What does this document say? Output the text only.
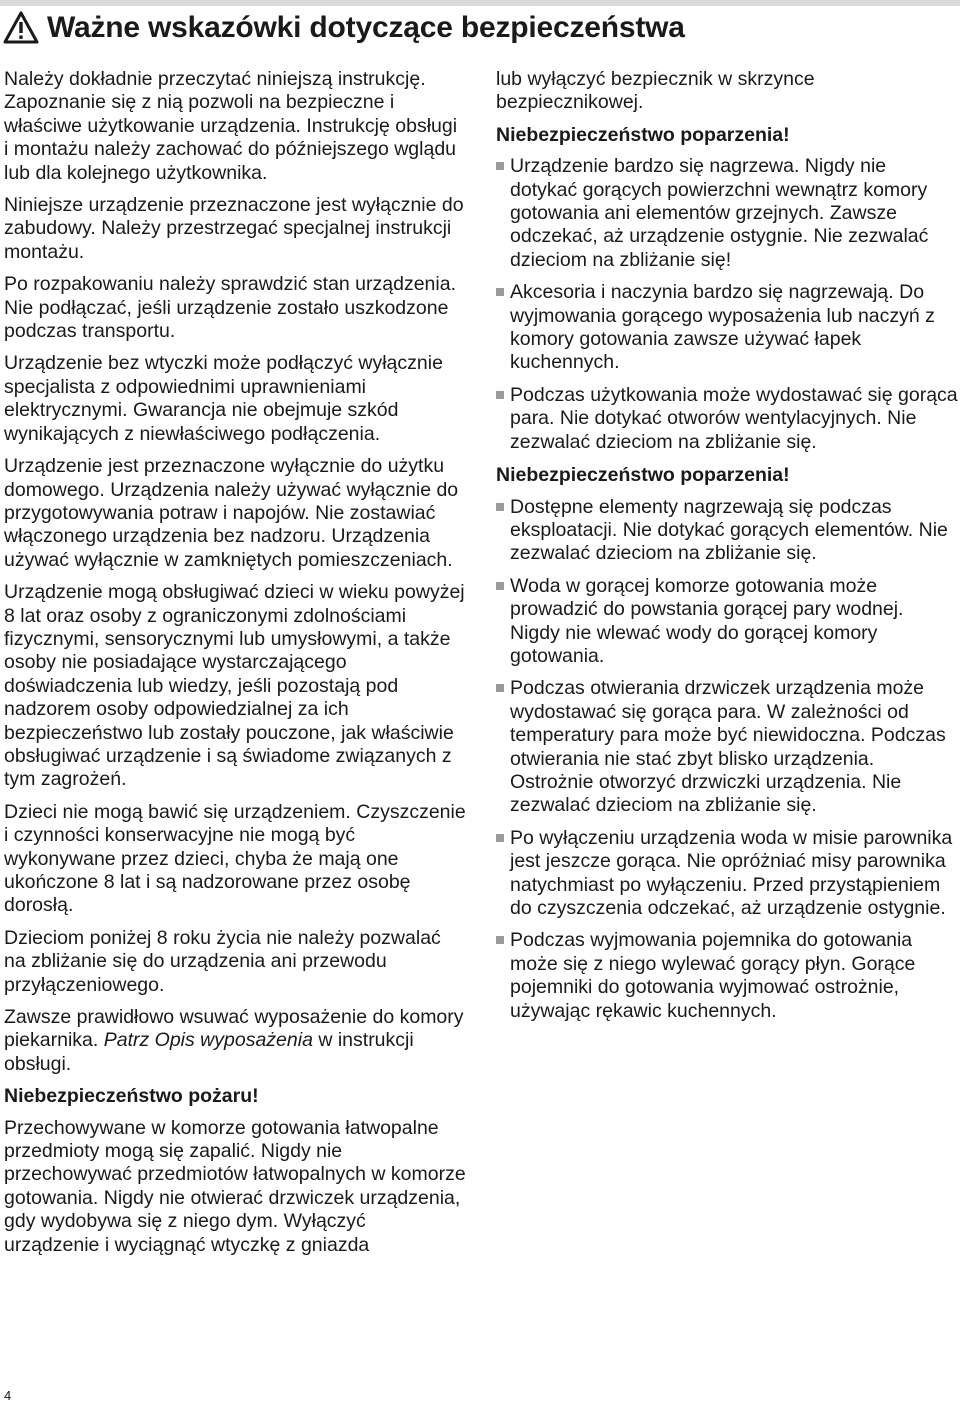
Ważne wskazówki dotyczące bezpieczeństwa

Należy dokładnie przeczytać niniejszą instrukcję. Zapoznanie się z nią pozwoli na bezpieczne i właściwe użytkowanie urządzenia. Instrukcję obsługi i montażu należy zachować do późniejszego wglądu lub dla kolejnego użytkownika.

Niniejsze urządzenie przeznaczone jest wyłącznie do zabudowy. Należy przestrzegać specjalnej instrukcji montażu.

Po rozpakowaniu należy sprawdzić stan urządzenia. Nie podłączać, jeśli urządzenie zostało uszkodzone podczas transportu.

Urządzenie bez wtyczki może podłączyć wyłącznie specjalista z odpowiednimi uprawnieniami elektrycznymi. Gwarancja nie obejmuje szkód wynikających z niewłaściwego podłączenia.

Urządzenie jest przeznaczone wyłącznie do użytku domowego. Urządzenia należy używać wyłącznie do przygotowywania potraw i napojów. Nie zostawiać włączonego urządzenia bez nadzoru. Urządzenia używać wyłącznie w zamkniętych pomieszczeniach.

Urządzenie mogą obsługiwać dzieci w wieku powyżej 8 lat oraz osoby z ograniczonymi zdolnościami fizycznymi, sensorycznymi lub umysłowymi, a także osoby nie posiadające wystarczającego doświadczenia lub wiedzy, jeśli pozostają pod nadzorem osoby odpowiedzialnej za ich bezpieczeństwo lub zostały pouczone, jak właściwie obsługiwać urządzenie i są świadome związanych z tym zagrożeń.

Dzieci nie mogą bawić się urządzeniem. Czyszczenie i czynności konserwacyjne nie mogą być wykonywane przez dzieci, chyba że mają one ukończone 8 lat i są nadzorowane przez osobę dorosłą.

Dzieciom poniżej 8 roku życia nie należy pozwalać na zbliżanie się do urządzenia ani przewodu przyłączeniowego.

Zawsze prawidłowo wsuwać wyposażenie do komory piekarnika. Patrz Opis wyposażenia w instrukcji obsługi.

Niebezpieczeństwo pożaru!

Przechowywane w komorze gotowania łatwopalne przedmioty mogą się zapalić. Nigdy nie przechowywać przedmiotów łatwopalnych w komorze gotowania. Nigdy nie otwierać drzwiczek urządzenia, gdy wydobywa się z niego dym. Wyłączyć urządzenie i wyciągnąć wtyczkę z gniazda

lub wyłączyć bezpiecznik w skrzynce bezpiecznikowej.

Niebezpieczeństwo poparzenia!
Urządzenie bardzo się nagrzewa. Nigdy nie dotykać gorących powierzchni wewnątrz komory gotowania ani elementów grzejnych. Zawsze odczekać, aż urządzenie ostygnie. Nie zezwalać dzieciom na zbliżanie się!
Akcesoria i naczynia bardzo się nagrzewają. Do wyjmowania gorącego wyposażenia lub naczyń z komory gotowania zawsze używać łapek kuchennych.
Podczas użytkowania może wydostawać się gorąca para. Nie dotykać otworów wentylacyjnych. Nie zezwalać dzieciom na zbliżanie się.
Niebezpieczeństwo poparzenia!
Dostępne elementy nagrzewają się podczas eksploatacji. Nie dotykać gorących elementów. Nie zezwalać dzieciom na zbliżanie się.
Woda w gorącej komorze gotowania może prowadzić do powstania gorącej pary wodnej. Nigdy nie wlewać wody do gorącej komory gotowania.
Podczas otwierania drzwiczek urządzenia może wydostawać się gorąca para. W zależności od temperatury para może być niewidoczna. Podczas otwierania nie stać zbyt blisko urządzenia. Ostrożnie otworzyć drzwiczki urządzenia. Nie zezwalać dzieciom na zbliżanie się.
Po wyłączeniu urządzenia woda w misie parownika jest jeszcze gorąca. Nie opróżniać misy parownika natychmiast po wyłączeniu. Przed przystąpieniem do czyszczenia odczekać, aż urządzenie ostygnie.
Podczas wyjmowania pojemnika do gotowania może się z niego wylewać gorący płyn. Gorące pojemniki do gotowania wyjmować ostrożnie, używając rękawic kuchennych.
4
